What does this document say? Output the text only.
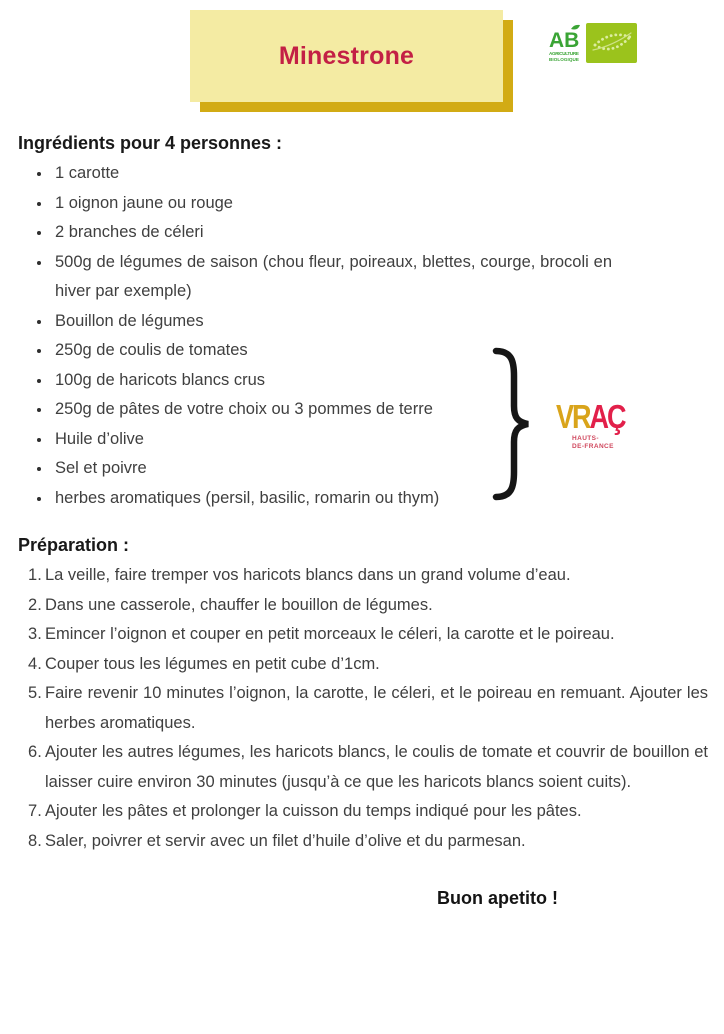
Minestrone
AB
AGRICULTURE
BIOLOGIQUE
Ingrédients pour 4 personnes :
• 1 carotte
• 1 oignon jaune ou rouge
• 2 branches de céleri
• 500g de légumes de saison (chou fleur, poireaux, blettes, courge, brocoli en hiver par exemple)
• Bouillon de légumes
• 250g de coulis de tomates
• 100g de haricots blancs crus
• 250g de pâtes de votre choix ou 3 pommes de terre
• Huile d’olive
• Sel et poivre
• herbes aromatiques (persil, basilic, romarin ou thym)
VRAÇ
HAUTS-
DE-FRANCE
Préparation :
La veille, faire tremper vos haricots blancs dans un grand volume d’eau.
Dans une casserole, chauffer le bouillon de légumes.
Emincer l’oignon et couper en petit morceaux le céleri, la carotte et le poireau.
Couper tous les légumes en petit cube d’1cm.
Faire revenir 10 minutes l’oignon, la carotte, le céleri, et le poireau en remuant. Ajouter les herbes aromatiques.
Ajouter les autres légumes, les haricots blancs, le coulis de tomate et couvrir de bouillon et laisser cuire environ 30 minutes (jusqu’à ce que les haricots blancs soient cuits).
Ajouter les pâtes et prolonger la cuisson du temps indiqué pour les pâtes.
Saler, poivrer et servir avec un filet d’huile d’olive et du parmesan.
Buon apetito !
